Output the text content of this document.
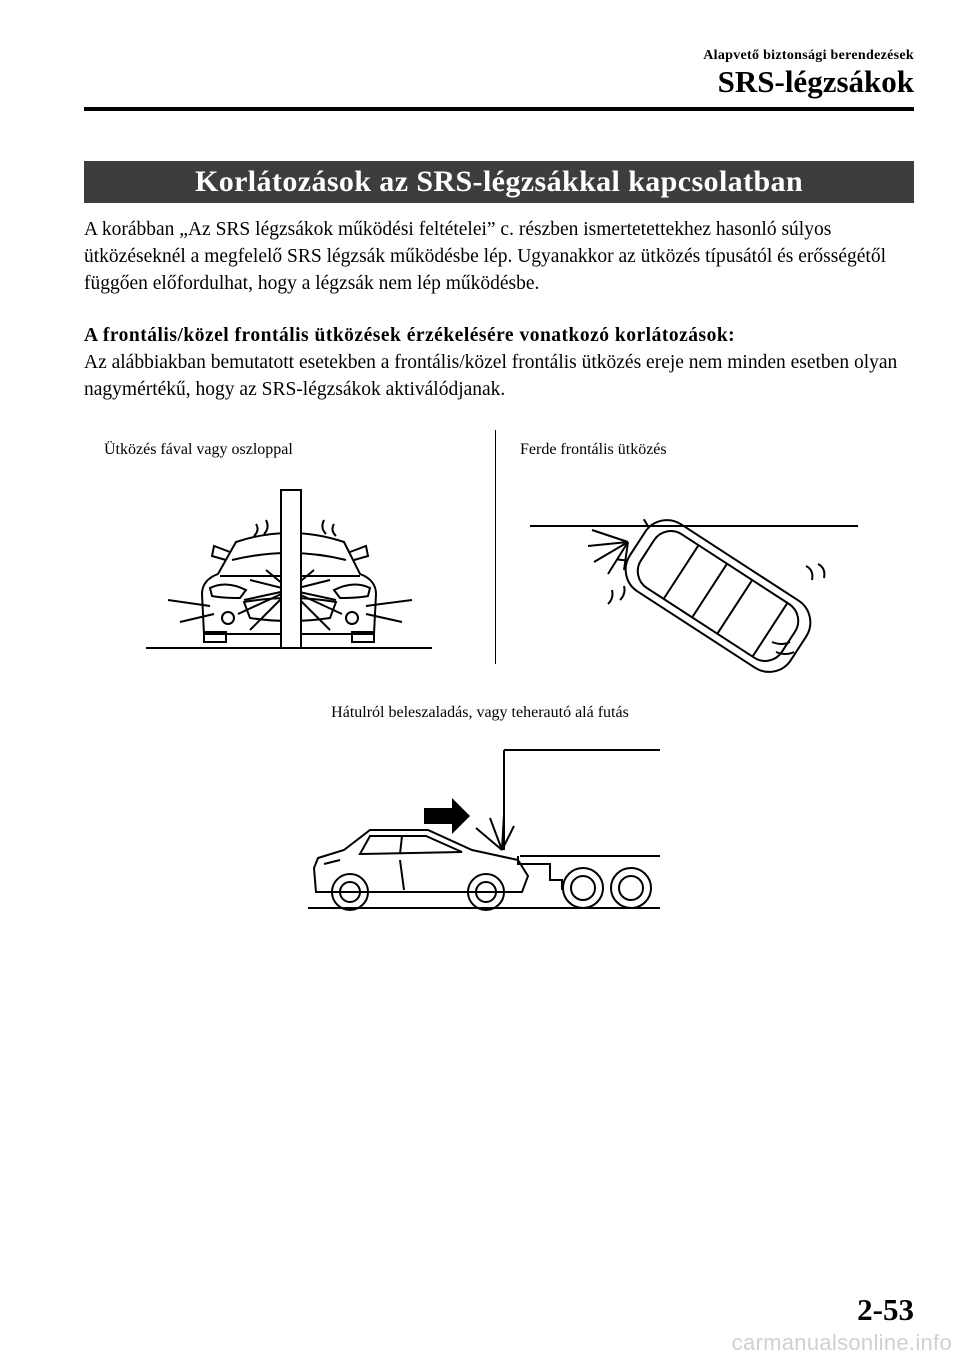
Alapvető biztonsági berendezések
SRS-légzsákok
Korlátozások az SRS-légzsákkal kapcsolatban
A korábban „Az SRS légzsákok működési feltételei” c. részben ismertetettekhez hasonló súlyos ütközéseknél a megfelelő SRS légzsák működésbe lép. Ugyanakkor az ütközés típusától és erősségétől függően előfordulhat, hogy a légzsák nem lép működésbe.
A frontális/közel frontális ütközések érzékelésére vonatkozó korlátozások:
Az alábbiakban bemutatott esetekben a frontális/közel frontális ütközés ereje nem minden esetben olyan nagymértékű, hogy az SRS-légzsákok aktiválódjanak.
Ütközés fával vagy oszloppal	Ferde frontális ütközés
Hátulról beleszaladás, vagy teherautó alá futás
2-53
carmanualsonline.info
